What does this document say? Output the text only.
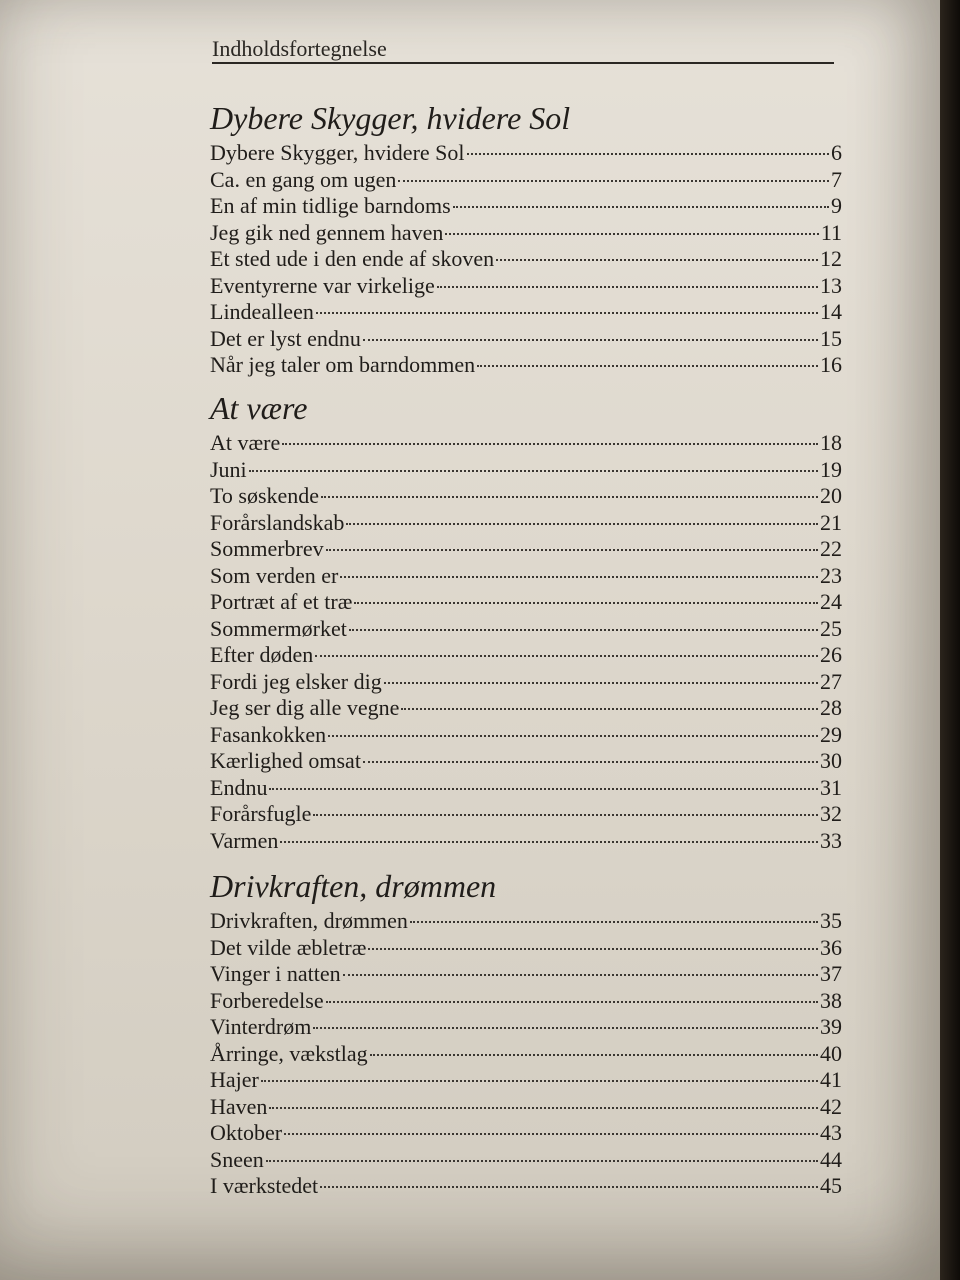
Indholdsfortegnelse
Dybere Skygger, hvidere Sol
Dybere Skygger, hvidere Sol	6
Ca. en gang om ugen	7
En af min tidlige barndoms	9
Jeg gik ned gennem haven	11
Et sted ude i den ende af skoven	12
Eventyrerne var virkelige	13
Lindealleen	14
Det er lyst endnu	15
Når jeg taler om barndommen	16
At være
At være	18
Juni	19
To søskende	20
Forårslandskab	21
Sommerbrev	22
Som verden er	23
Portræt af et træ	24
Sommermørket	25
Efter døden	26
Fordi jeg elsker dig	27
Jeg ser dig alle vegne	28
Fasankokken	29
Kærlighed omsat	30
Endnu	31
Forårsfugle	32
Varmen	33
Drivkraften, drømmen
Drivkraften, drømmen	35
Det vilde æbletræ	36
Vinger i natten	37
Forberedelse	38
Vinterdrøm	39
Årringe, vækstlag	40
Hajer	41
Haven	42
Oktober	43
Sneen	44
I værkstedet	45
